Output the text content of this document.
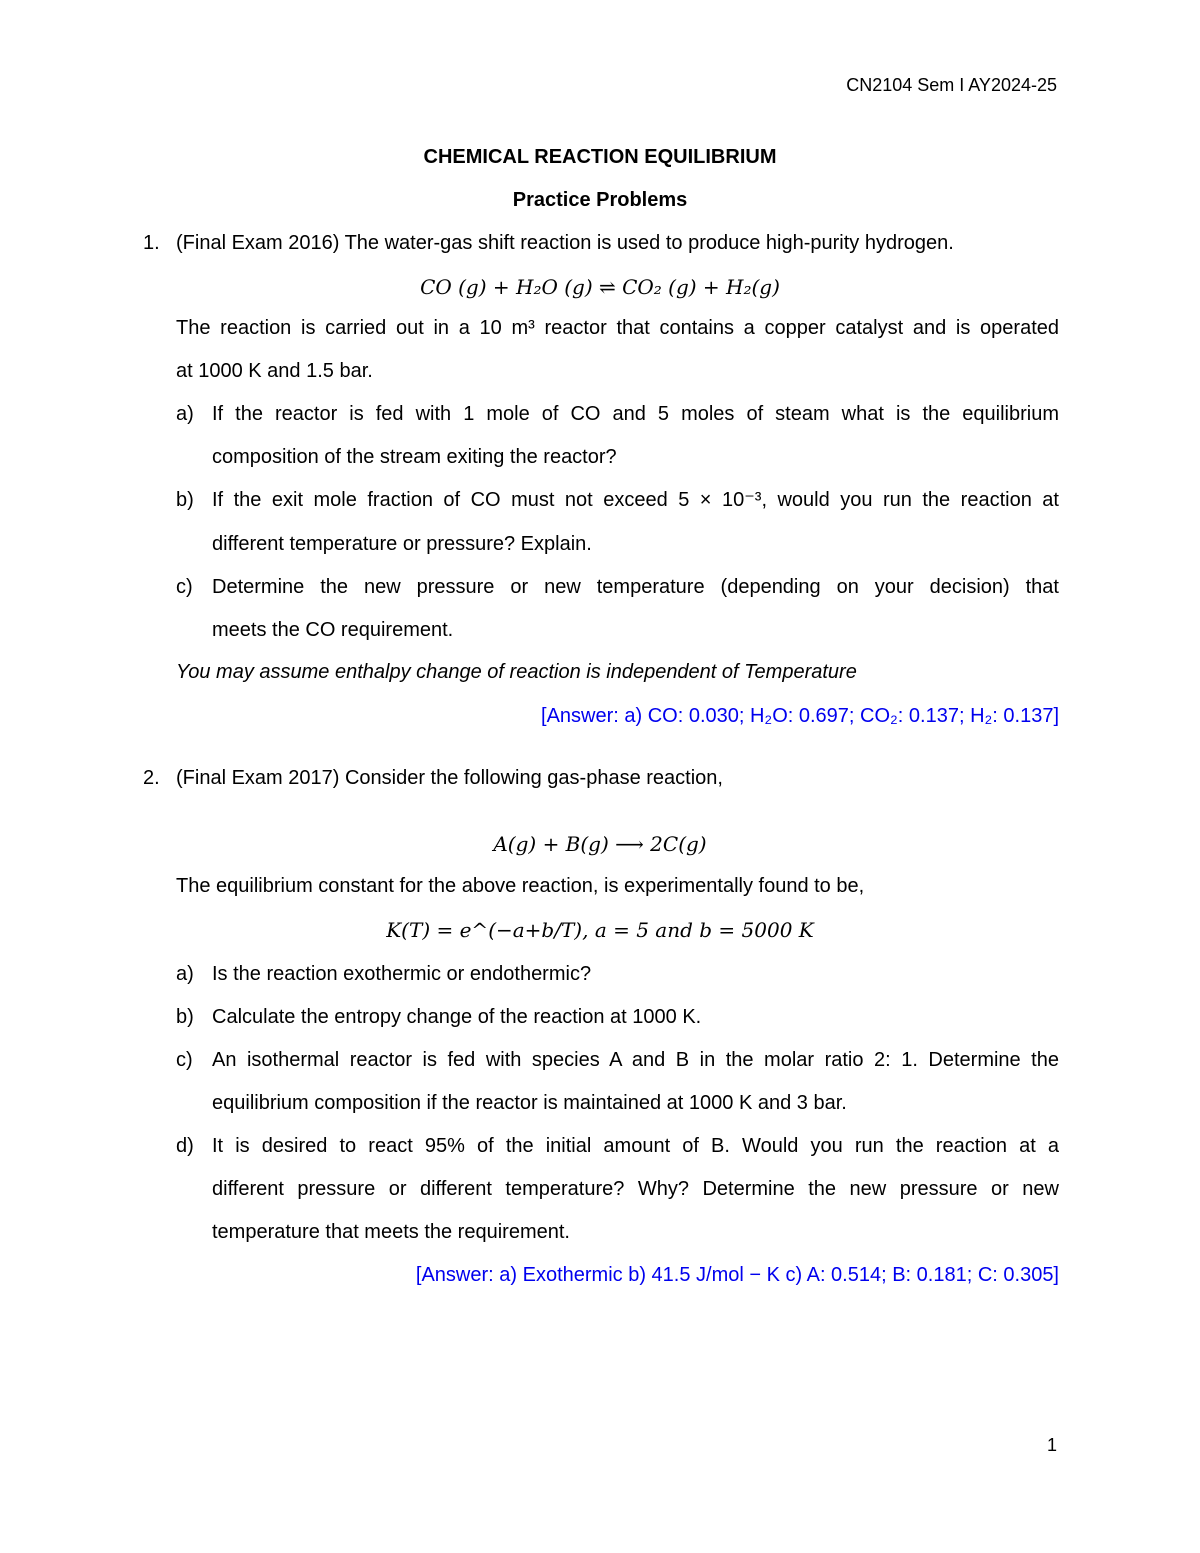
CN2104 Sem I AY2024-25
CHEMICAL REACTION EQUILIBRIUM
Practice Problems
1. (Final Exam 2016) The water-gas shift reaction is used to produce high-purity hydrogen.
CO (g) + H₂O (g) ⇌ CO₂ (g) + H₂(g)
The reaction is carried out in a 10 m³ reactor that contains a copper catalyst and is operated
at 1000 K and 1.5 bar.
a) If the reactor is fed with 1 mole of CO and 5 moles of steam what is the equilibrium
composition of the stream exiting the reactor?
b) If the exit mole fraction of CO must not exceed 5 × 10⁻³, would you run the reaction at
different temperature or pressure? Explain.
c) Determine the new pressure or new temperature (depending on your decision) that
meets the CO requirement.
You may assume enthalpy change of reaction is independent of Temperature
[Answer: a) CO: 0.030; H₂O: 0.697; CO₂: 0.137; H₂: 0.137]
2. (Final Exam 2017) Consider the following gas-phase reaction,
A(g) + B(g) ⟶ 2C(g)
The equilibrium constant for the above reaction, is experimentally found to be,
K(T) = e^(−a+b/T), a = 5 and b = 5000 K
a) Is the reaction exothermic or endothermic?
b) Calculate the entropy change of the reaction at 1000 K.
c) An isothermal reactor is fed with species A and B in the molar ratio 2: 1. Determine the
equilibrium composition if the reactor is maintained at 1000 K and 3 bar.
d) It is desired to react 95% of the initial amount of B. Would you run the reaction at a
different pressure or different temperature? Why? Determine the new pressure or new
temperature that meets the requirement.
[Answer: a) Exothermic b) 41.5 J/mol − K c) A: 0.514; B: 0.181; C: 0.305]
1
